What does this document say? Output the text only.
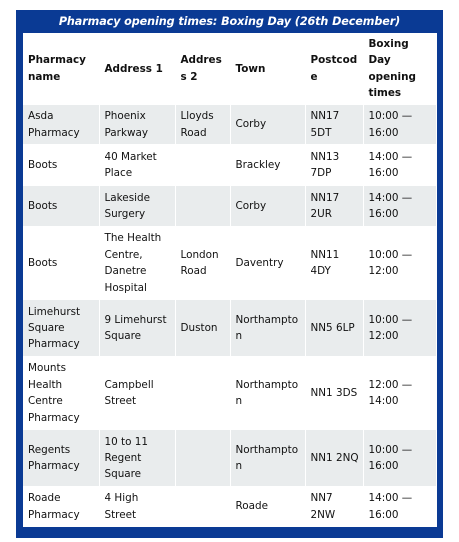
Pharmacy opening times: Boxing Day (26th December)
Pharmacy name	Address 1	Address 2	Town	Postcode	Boxing Day opening times
Asda Pharmacy	Phoenix Parkway	Lloyds Road	Corby	NN17 5DT	10:00 — 16:00
Boots	40 Market Place		Brackley	NN13 7DP	14:00 — 16:00
Boots	Lakeside Surgery		Corby	NN17 2UR	14:00 — 16:00
Boots	The Health Centre, Danetre Hospital	London Road	Daventry	NN11 4DY	10:00 — 12:00
Limehurst Square Pharmacy	9 Limehurst Square	Duston	Northampton	NN5 6LP	10:00 — 12:00
Mounts Health Centre Pharmacy	Campbell Street		Northampton	NN1 3DS	12:00 — 14:00
Regents Pharmacy	10 to 11 Regent Square		Northampton	NN1 2NQ	10:00 — 16:00
Roade Pharmacy	4 High Street		Roade	NN7 2NW	14:00 — 16:00
